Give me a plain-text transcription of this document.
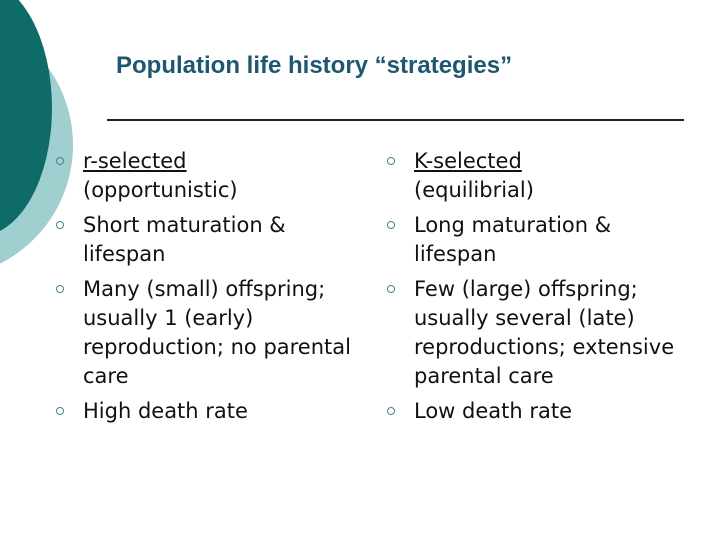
Population life history “strategies”
r-selected
(opportunistic)
Short maturation & lifespan
Many (small) offspring; usually 1 (early) reproduction; no parental care
High death rate
K-selected
(equilibrial)
Long maturation & lifespan
Few (large) offspring; usually several (late) reproductions; extensive parental care
Low death rate
